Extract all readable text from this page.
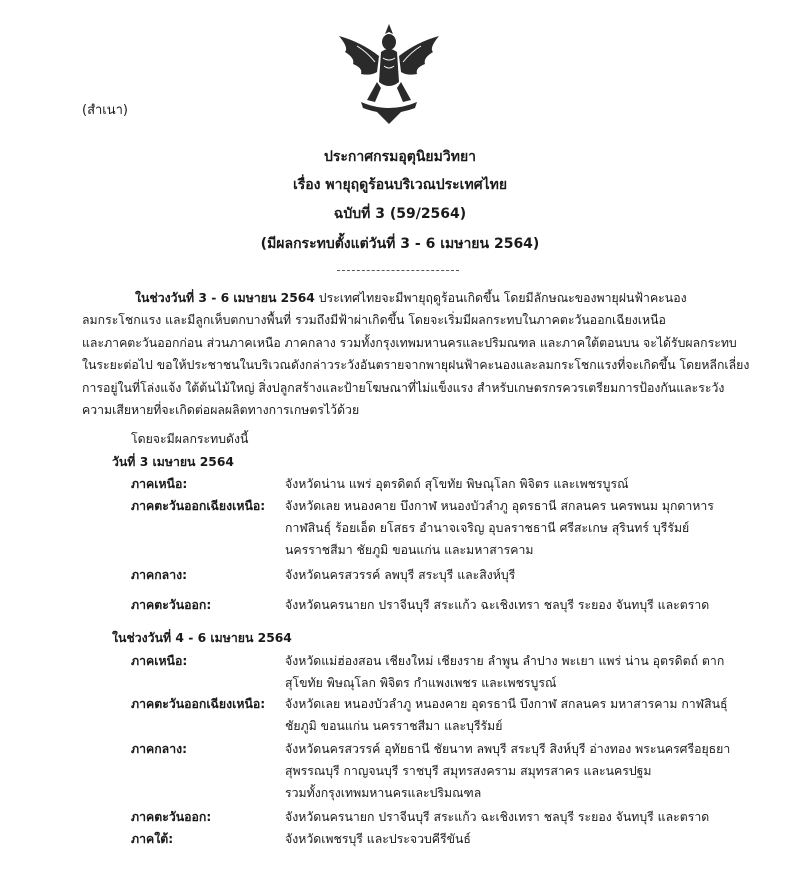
(สำเนา)
ประกาศกรมอุตุนิยมวิทยา
เรื่อง พายุฤดูร้อนบริเวณประเทศไทย
ฉบับที่ 3 (59/2564)
(มีผลกระทบตั้งแต่วันที่ 3 - 6 เมษายน 2564)

ในช่วงวันที่ 3 - 6 เมษายน 2564 ประเทศไทยจะมีพายุฤดูร้อนเกิดขึ้น โดยมีลักษณะของพายุฝนฟ้าคะนอง

ลมกระโชกแรง และมีลูกเห็บตกบางพื้นที่ รวมถึงมีฟ้าผ่าเกิดขึ้น โดยจะเริ่มมีผลกระทบในภาคตะวันออกเฉียงเหนือ

และภาคตะวันออกก่อน ส่วนภาคเหนือ ภาคกลาง รวมทั้งกรุงเทพมหานครและปริมณฑล และภาคใต้ตอนบน จะได้รับผลกระทบ

ในระยะต่อไป ขอให้ประชาชนในบริเวณดังกล่าวระวังอันตรายจากพายุฝนฟ้าคะนองและลมกระโชกแรงที่จะเกิดขึ้น โดยหลีกเลี่ยง

การอยู่ในที่โล่งแจ้ง ใต้ต้นไม้ใหญ่ สิ่งปลูกสร้างและป้ายโฆษณาที่ไม่แข็งแรง สำหรับเกษตรกรควรเตรียมการป้องกันและระวัง

ความเสียหายที่จะเกิดต่อผลผลิตทางการเกษตรไว้ด้วย

โดยจะมีผลกระทบดังนี้
วันที่ 3 เมษายน 2564
ภาคเหนือ:	จังหวัดน่าน แพร่ อุตรดิตถ์ สุโขทัย พิษณุโลก พิจิตร และเพชรบูรณ์
ภาคตะวันออกเฉียงเหนือ: จังหวัดเลย หนองคาย บึงกาฬ หนองบัวลำภู อุดรธานี สกลนคร นครพนม มุกดาหาร
กาฬสินธุ์ ร้อยเอ็ด ยโสธร อำนาจเจริญ อุบลราชธานี ศรีสะเกษ สุรินทร์ บุรีรัมย์
นครราชสีมา ชัยภูมิ ขอนแก่น และมหาสารคาม
ภาคกลาง:	จังหวัดนครสวรรค์ ลพบุรี สระบุรี และสิงห์บุรี
ภาคตะวันออก:	จังหวัดนครนายก ปราจีนบุรี สระแก้ว ฉะเชิงเทรา ชลบุรี ระยอง จันทบุรี และตราด
ในช่วงวันที่ 4 - 6 เมษายน 2564
ภาคเหนือ:	จังหวัดแม่ฮ่องสอน เชียงใหม่ เชียงราย ลำพูน ลำปาง พะเยา แพร่ น่าน อุตรดิตถ์ ตาก
สุโขทัย พิษณุโลก พิจิตร กำแพงเพชร และเพชรบูรณ์
ภาคตะวันออกเฉียงเหนือ: จังหวัดเลย หนองบัวลำภู หนองคาย อุดรธานี บึงกาฬ สกลนคร มหาสารคาม กาฬสินธุ์
ชัยภูมิ ขอนแก่น นครราชสีมา และบุรีรัมย์
ภาคกลาง:	จังหวัดนครสวรรค์ อุทัยธานี ชัยนาท ลพบุรี สระบุรี สิงห์บุรี อ่างทอง พระนครศรีอยุธยา
สุพรรณบุรี กาญจนบุรี ราชบุรี สมุทรสงคราม สมุทรสาคร และนครปฐม
รวมทั้งกรุงเทพมหานครและปริมณฑล
ภาคตะวันออก:	จังหวัดนครนายก ปราจีนบุรี สระแก้ว ฉะเชิงเทรา ชลบุรี ระยอง จันทบุรี และตราด
ภาคใต้:	จังหวัดเพชรบุรี และประจวบคีรีขันธ์
